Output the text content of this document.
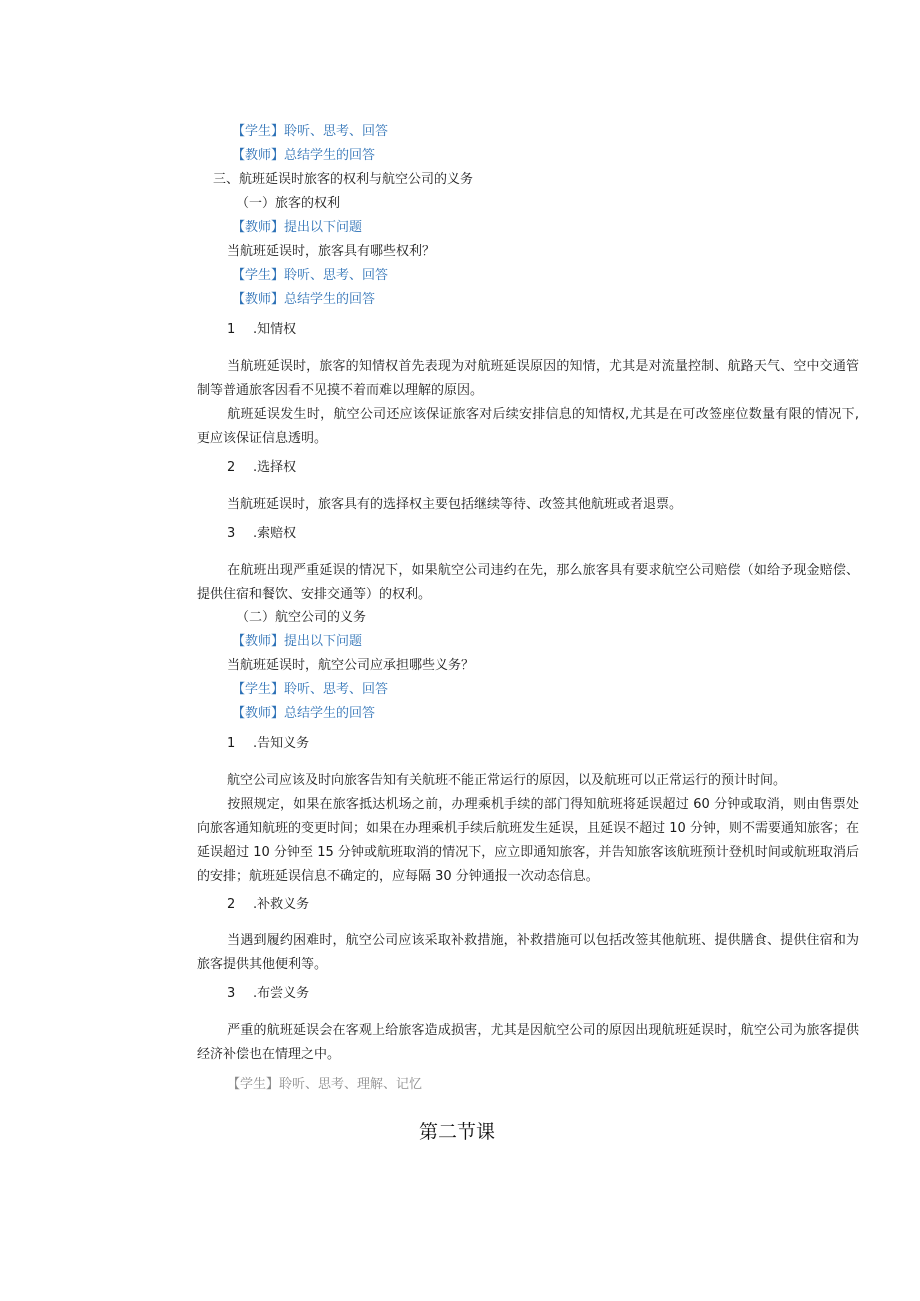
【学生】聆听、思考、回答
【教师】总结学生的回答
三、航班延误时旅客的权利与航空公司的义务
（一）旅客的权利
【教师】提出以下问题
当航班延误时，旅客具有哪些权利？
【学生】聆听、思考、回答
【教师】总结学生的回答
1 .知情权
当航班延误时，旅客的知情权首先表现为对航班延误原因的知情，尤其是对流量控制、航路天气、空中交通管制等普通旅客因看不见摸不着而难以理解的原因。
航班延误发生时，航空公司还应该保证旅客对后续安排信息的知情权,尤其是在可改签座位数量有限的情况下,更应该保证信息透明。
2 .选择权
当航班延误时，旅客具有的选择权主要包括继续等待、改签其他航班或者退票。
3 .索赔权
在航班出现严重延误的情况下，如果航空公司违约在先，那么旅客具有要求航空公司赔偿（如给予现金赔偿、提供住宿和餐饮、安排交通等）的权利。
（二）航空公司的义务
【教师】提出以下问题
当航班延误时，航空公司应承担哪些义务？
【学生】聆听、思考、回答
【教师】总结学生的回答
1 .告知义务
航空公司应该及时向旅客告知有关航班不能正常运行的原因，以及航班可以正常运行的预计时间。
按照规定，如果在旅客抵达机场之前，办理乘机手续的部门得知航班将延误超过 60 分钟或取消，则由售票处向旅客通知航班的变更时间；如果在办理乘机手续后航班发生延误，且延误不超过 10 分钟，则不需要通知旅客；在延误超过 10 分钟至 15 分钟或航班取消的情况下，应立即通知旅客，并告知旅客该航班预计登机时间或航班取消后的安排；航班延误信息不确定的，应每隔 30 分钟通报一次动态信息。
2 .补救义务
当遇到履约困难时，航空公司应该采取补救措施，补救措施可以包括改签其他航班、提供膳食、提供住宿和为旅客提供其他便利等。
3 .布尝义务
严重的航班延误会在客观上给旅客造成损害，尤其是因航空公司的原因出现航班延误时，航空公司为旅客提供经济补偿也在情理之中。
【学生】聆听、思考、理解、记忆
第二节课
